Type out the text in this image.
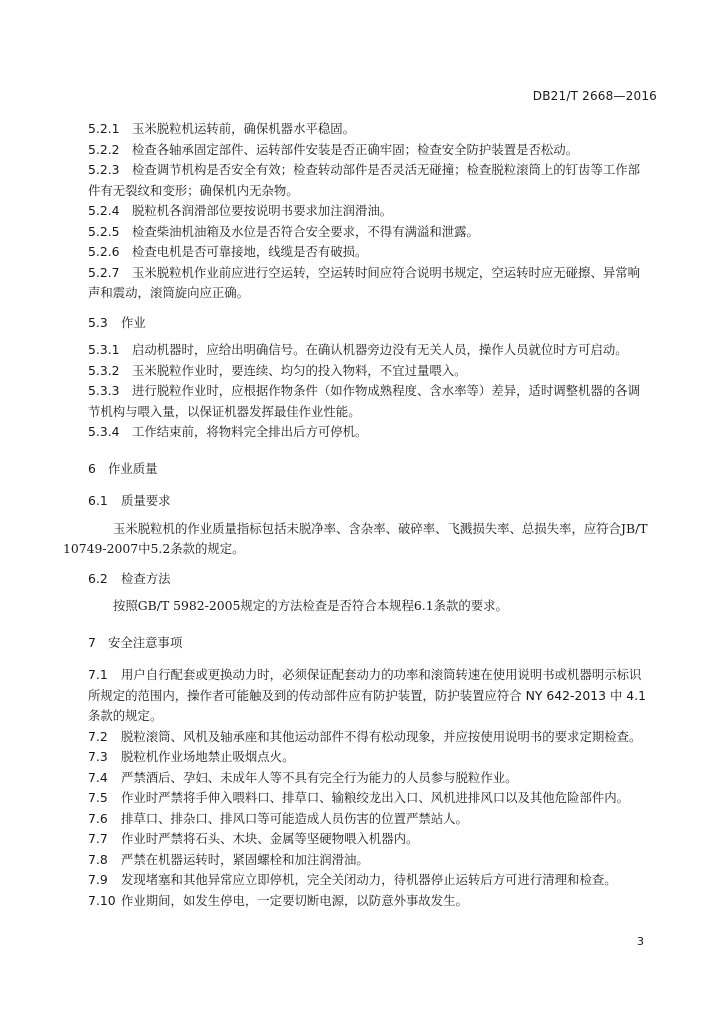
DB21/T 2668—2016
5.2.1 玉米脱粒机运转前，确保机器水平稳固。
5.2.2 检查各轴承固定部件、运转部件安装是否正确牢固；检查安全防护装置是否松动。
5.2.3 检查调节机构是否安全有效；检查转动部件是否灵活无碰撞；检查脱粒滚筒上的钉齿等工作部
件有无裂纹和变形；确保机内无杂物。
5.2.4 脱粒机各润滑部位要按说明书要求加注润滑油。
5.2.5 检查柴油机油箱及水位是否符合安全要求，不得有满溢和泄露。
5.2.6 检查电机是否可靠接地，线缆是否有破损。
5.2.7 玉米脱粒机作业前应进行空运转，空运转时间应符合说明书规定，空运转时应无碰擦、异常响
声和震动，滚筒旋向应正确。
5.3 作业
5.3.1 启动机器时，应给出明确信号。在确认机器旁边没有无关人员，操作人员就位时方可启动。
5.3.2 玉米脱粒作业时，要连续、均匀的投入物料，不宜过量喂入。
5.3.3 进行脱粒作业时，应根据作物条件（如作物成熟程度、含水率等）差异，适时调整机器的各调
节机构与喂入量，以保证机器发挥最佳作业性能。
5.3.4 工作结束前，将物料完全排出后方可停机。
6 作业质量
6.1 质量要求
玉米脱粒机的作业质量指标包括未脱净率、含杂率、破碎率、飞溅损失率、总损失率，应符合JB/T
10749-2007中5.2条款的规定。
6.2 检查方法
按照GB/T 5982-2005规定的方法检查是否符合本规程6.1条款的要求。
7 安全注意事项
7.1 用户自行配套或更换动力时，必须保证配套动力的功率和滚筒转速在使用说明书或机器明示标识
所规定的范围内，操作者可能触及到的传动部件应有防护装置，防护装置应符合 NY 642-2013 中 4.1
条款的规定。
7.2 脱粒滚筒、风机及轴承座和其他运动部件不得有松动现象，并应按使用说明书的要求定期检查。
7.3 脱粒机作业场地禁止吸烟点火。
7.4 严禁酒后、孕妇、未成年人等不具有完全行为能力的人员参与脱粒作业。
7.5 作业时严禁将手伸入喂料口、排草口、输粮绞龙出入口、风机进排风口以及其他危险部件内。
7.6 排草口、排杂口、排风口等可能造成人员伤害的位置严禁站人。
7.7 作业时严禁将石头、木块、金属等坚硬物喂入机器内。
7.8 严禁在机器运转时，紧固螺栓和加注润滑油。
7.9 发现堵塞和其他异常应立即停机，完全关闭动力，待机器停止运转后方可进行清理和检查。
7.10 作业期间，如发生停电，一定要切断电源，以防意外事故发生。
3
